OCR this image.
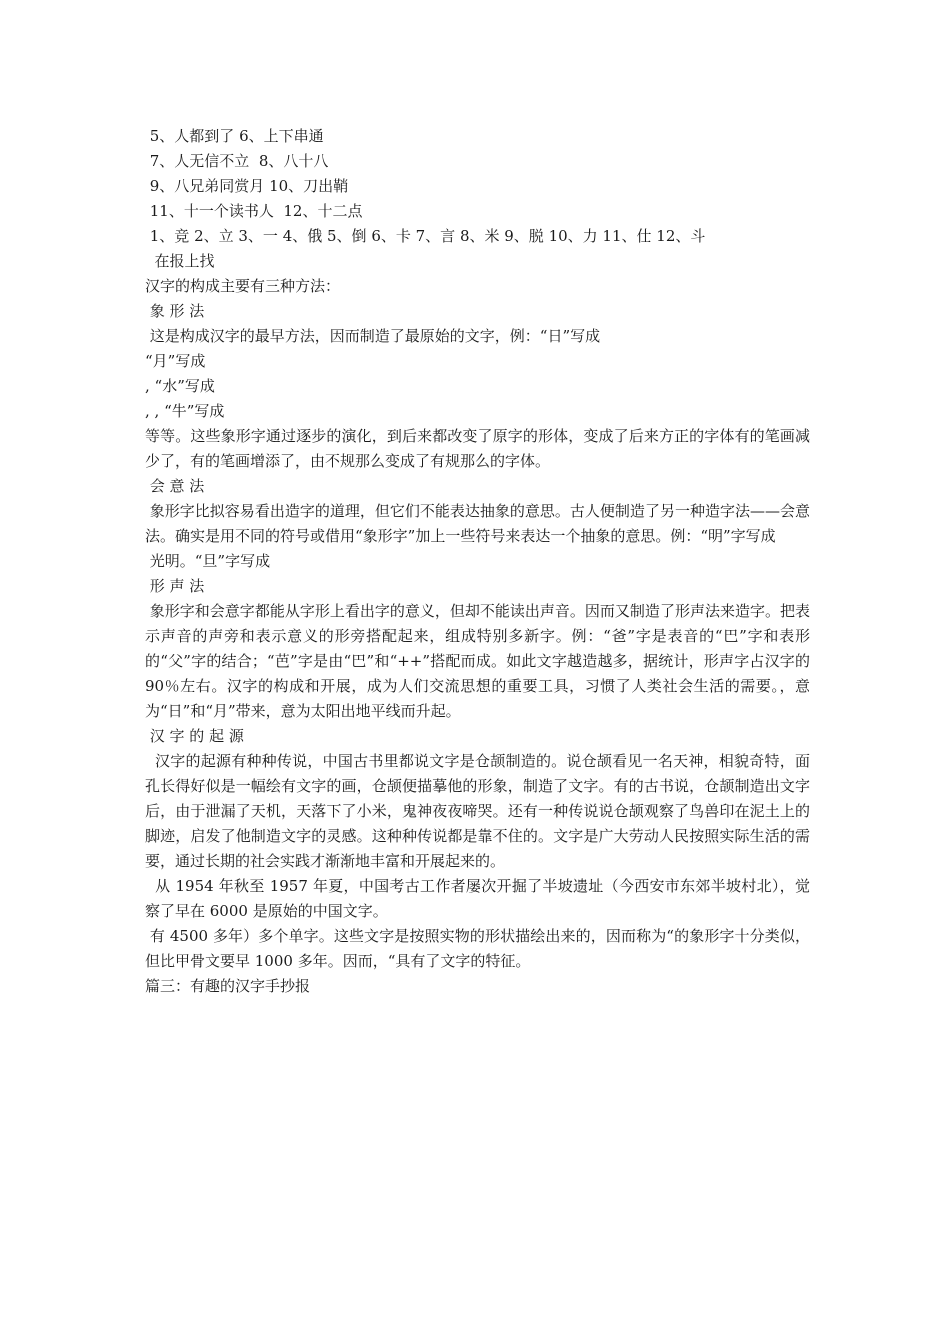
5、人都到了 6、上下串通
7、人无信不立  8、八十八
9、八兄弟同赏月 10、刀出鞘
11、十一个读书人  12、十二点
1、竞 2、立 3、一 4、俄 5、倒 6、卡 7、言 8、米 9、脱 10、力 11、仕 12、斗
在报上找
汉字的构成主要有三种方法：
象 形 法
这是构成汉字的最早方法，因而制造了最原始的文字，例：“日”写成
“月”写成
, “水”写成
, , “牛”写成
等等。这些象形字通过逐步的演化，到后来都改变了原字的形体，变成了后来方正的字体有的笔画减少了，有的笔画增添了，由不规那么变成了有规那么的字体。
会 意 法
象形字比拟容易看出造字的道理，但它们不能表达抽象的意思。古人便制造了另一种造字法——会意法。确实是用不同的符号或借用“象形字”加上一些符号来表达一个抽象的意思。例：“明”字写成
光明。“旦”字写成
形 声 法
象形字和会意字都能从字形上看出字的意义，但却不能读出声音。因而又制造了形声法来造字。把表示声音的声旁和表示意义的形旁搭配起来，组成特别多新字。例：“爸”字是表音的“巴”字和表形的“父”字的结合；“芭”字是由“巴”和“++”搭配而成。如此文字越造越多，据统计，形声字占汉字的 90％左右。汉字的构成和开展，成为人们交流思想的重要工具，习惯了人类社会生活的需要。，意为“日”和“月”带来，意为太阳出地平线而升起。
汉 字 的 起 源
汉字的起源有种种传说，中国古书里都说文字是仓颉制造的。说仓颉看见一名天神，相貌奇特，面孔长得好似是一幅绘有文字的画，仓颉便描摹他的形象，制造了文字。有的古书说，仓颉制造出文字后，由于泄漏了天机，天落下了小米，鬼神夜夜啼哭。还有一种传说说仓颉观察了鸟兽印在泥土上的脚迹，启发了他制造文字的灵感。这种种传说都是靠不住的。文字是广大劳动人民按照实际生活的需要，通过长期的社会实践才渐渐地丰富和开展起来的。
从 1954 年秋至 1957 年夏，中国考古工作者屡次开掘了半坡遗址（今西安市东郊半坡村北），觉察了早在 6000 是原始的中国文字。
有 4500 多年）多个单字。这些文字是按照实物的形状描绘出来的，因而称为“的象形字十分类似，但比甲骨文要早 1000 多年。因而，“具有了文字的特征。
篇三：有趣的汉字手抄报
